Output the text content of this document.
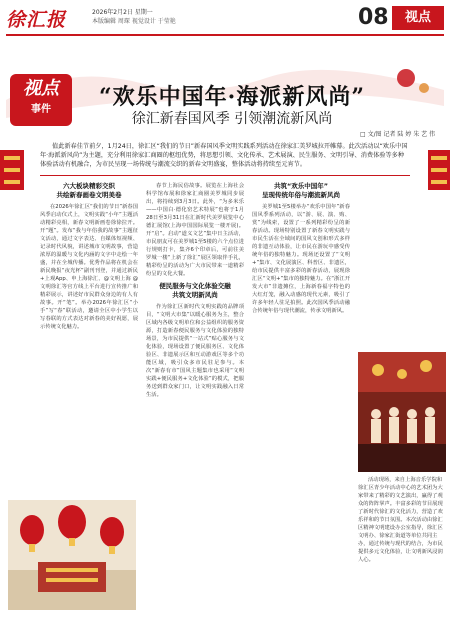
徐汇报	2026年2月2日 星期一
本版编辑 周琛 视觉设计 于莹艳	08	视点
视点
事件	“欢乐中国年·海派新风尚”
徐汇新春国风季 引领潮流新风尚
□ 文/图 记者 陆 婷 朱 艺 伟

值此新春佳节前夕，1月24日，徐汇区“我们的节日”新春国风季文明实践系列活动在徐家汇美罗城拉开帷幕。此次活动以“欢乐中国年·海派新风尚”为主题，充分利用徐家汇商圈的枢纽优势，将思想引领、文化传承、艺术展演、民生服务、文明引导、消费体验等多种体验活动有机融合，为市民呈现一场传统与潮流交织的新春文明盛宴，整体活动将持续至元宵节。

六大板块精彩交织
共绘新春画卷文明美卷

在2026年徐汇区“我们的节日”新春国风季启动仪式上，文明实践“小年”主题活动精彩亮相，新春文明新画卷徐徐拉开。开“题”。发布“我与年俗我的故事”主题征文活动，通过文字表达、自媒体短视频、记录时代风貌，讲述城市文明故事，营造浓厚的温暖与文化内涵的文字中走绘一年盛，并在全城传播。优秀作品将在机会在新民晚报“夜光杯”副刊刊登，并通过新民+上观App、申上海徐汇、@文明上海 @文明徐汇等官方线上平台进行宣传推广和精彩展示，讲述好市民群众身边的有人有故事。开“笔”。举办2026年徐汇区“小手”写“春”联活动，邀请全区中小学生以写春联的方式表达对新春的美好祝愿，展示传统文化魅力。

春节上海民俗故事。展览在上海社会科学馆布展和徐家汇商圈美罗城同步展出，将持续到3月3日。此外，“为多米乐——中国白·德化窑艺术特展”也将于1月28日至3月31日在汇新时代美罗展览中心德汇展馆(上海中国国际展览一楼开展)。开“启”。启动“道义文艺”集中日主活动，市民朋友可在美罗城1至5楼的六个点位进行规则打卡，集齐6个印章后，可前往美罗城一楼“上新了徐汇”展区领取伴手礼，精彩纷呈的活动为广大市民带来一道精彩纷呈的文化大餐。

便民服务与文化体验交融
共筑文明新风尚

作为徐汇区新时代文明实践的品牌项目，“文明大市集”以暖心服务为主，整合区域内各级文明单位和公益组织的服务资源，打造新春便民服务与文化体验的独特场景，为市民提供“一站式”贴心服务与文化体验，现场设置了便民服务区、文化体验区、非遗展示区和互动游戏区等多个功能区域，吸引众多市民驻足参与。本次“新春有市”国风主题集市也采用“文明实践+便民服务+文化体验”的模式，把服务送到群众家门口，让文明实践融入日常生活。

共筑“欢乐中国年”
呈现传统年俗与潮流新风尚

美罗城1至5楼举办“欢乐中国年”新春国风季系列活动，以“游、展、演、购、赏”为线索，设置了一系列精彩纷呈的新春活动。现场特别设置了新春文明实践与市民生活在全域间的国风文创和形式多样的非遗互动体验，让市民在游玩中感受传统年俗的独特魅力。现场还设置了“文明+”集市、文化展演区、科普区、非遗区，给市民提供丰富多彩的新春活动，展现徐汇区“文明+”集市的独特魅力。在“浙江开发大市”非遗摊位，上海新春福字特色的大红灯笼，融入动感的现代元素，吸引了许多年轻人驻足拍照。此次国风季活动融合传统年俗与现代潮流，传承文明新风。

活动现场，来自上海音乐学院和徐汇区青少年活动中心的艺术团为大家带来了精彩的文艺演出，赢得了观众的阵阵掌声。丰富多彩的节目展现了新时代徐汇的文化活力，营造了欢乐祥和的节日氛围。本次活动由徐汇区精神文明建设办公室指导，徐汇区文明办、徐家汇街道等单位共同主办，通过传统与现代的结合，为市民提供多元文化体验，让文明新风浸润人心。
